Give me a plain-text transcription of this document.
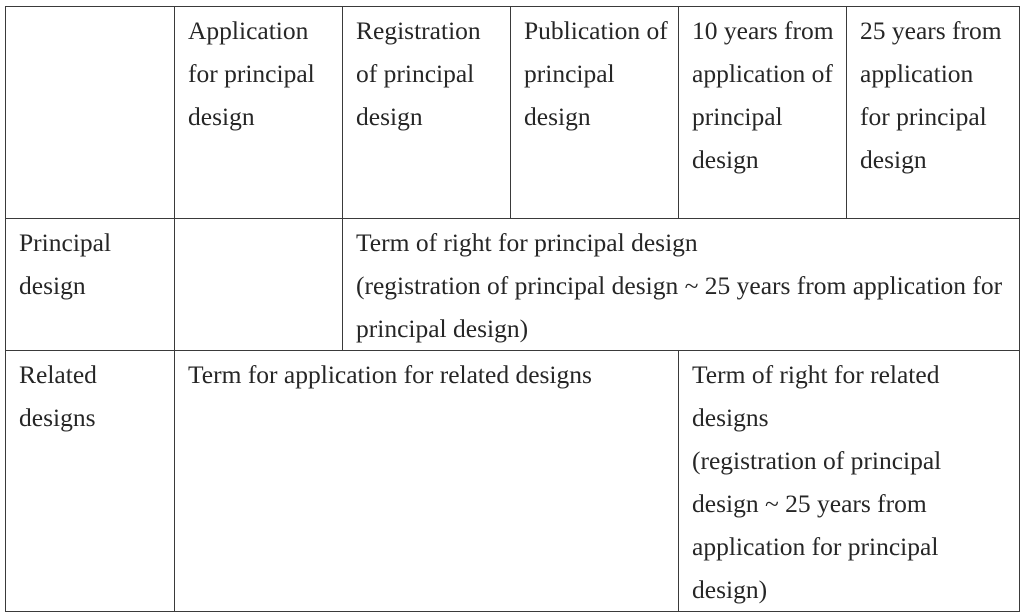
	Application for principal design	Registration of principal design	Publication of principal design	10 years from application of principal design	25 years from application for principal design
Principal design		Term of right for principal design
(registration of principal design ~ 25 years from application for principal design)			

Related designs	Term for application for related designs			Term of right for related designs
(registration of principal design ~ 25 years from application for principal design)	
